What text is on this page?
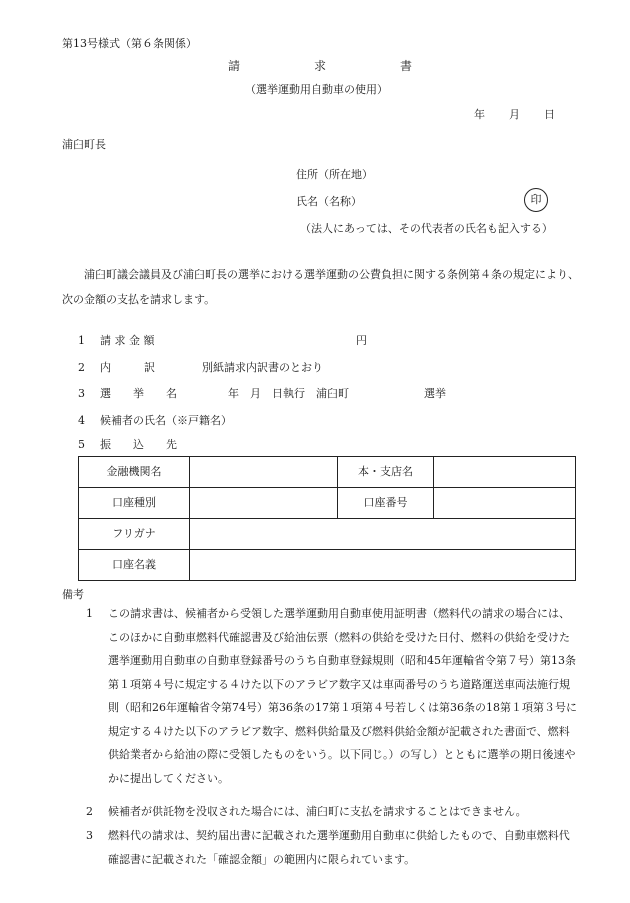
第13号様式（第６条関係）
請	求	書
（選挙運動用自動車の使用）
年 月 日
浦臼町長
住所（所在地）
氏名（名称）	印
（法人にあっては、その代表者の氏名も記入する）
浦臼町議会議員及び浦臼町長の選挙における選挙運動の公費負担に関する条例第４条の規定により、次の金額の支払を請求します。
1 請 求 金 額	円
2 内　　　訳	別紙請求内訳書のとおり
3 選　　挙　　名	年　月　日執行　浦臼町	選挙
4 候補者の氏名（※戸籍名）
5 振　　込　　先
金融機関名		本・支店名	
口座種別		口座番号	
フリガナ			
口座名義			
備考
1 この請求書は、候補者から受領した選挙運動用自動車使用証明書（燃料代の請求の場合には、このほかに自動車燃料代確認書及び給油伝票（燃料の供給を受けた日付、燃料の供給を受けた選挙運動用自動車の自動車登録番号のうち自動車登録規則（昭和45年運輸省令第７号）第13条第１項第４号に規定する４けた以下のアラビア数字又は車両番号のうち道路運送車両法施行規則（昭和26年運輸省令第74号）第36条の17第１項第４号若しくは第36条の18第１項第３号に規定する４けた以下のアラビア数字、燃料供給量及び燃料供給金額が記載された書面で、燃料供給業者から給油の際に受領したものをいう。以下同じ。）の写し）とともに選挙の期日後速やかに提出してください。
2 候補者が供託物を没収された場合には、浦臼町に支払を請求することはできません。
3 燃料代の請求は、契約届出書に記載された選挙運動用自動車に供給したもので、自動車燃料代確認書に記載された「確認金額」の範囲内に限られています。
